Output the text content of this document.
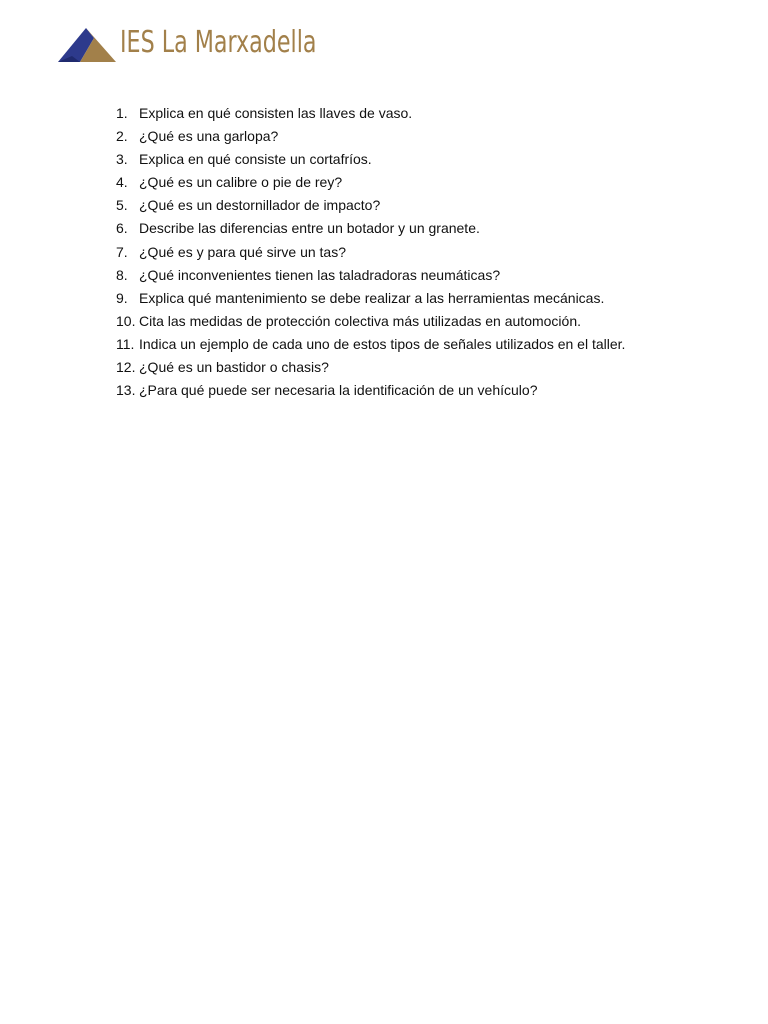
IES La Marxadella
1. Explica en qué consisten las llaves de vaso.
2. ¿Qué es una garlopa?
3. Explica en qué consiste un cortafríos.
4. ¿Qué es un calibre o pie de rey?
5. ¿Qué es un destornillador de impacto?
6. Describe las diferencias entre un botador y un granete.
7. ¿Qué es y para qué sirve un tas?
8. ¿Qué inconvenientes tienen las taladradoras neumáticas?
9. Explica qué mantenimiento se debe realizar a las herramientas mecánicas.
10. Cita las medidas de protección colectiva más utilizadas en automoción.
11. Indica un ejemplo de cada uno de estos tipos de señales utilizados en el taller.
12. ¿Qué es un bastidor o chasis?
13. ¿Para qué puede ser necesaria la identificación de un vehículo?
